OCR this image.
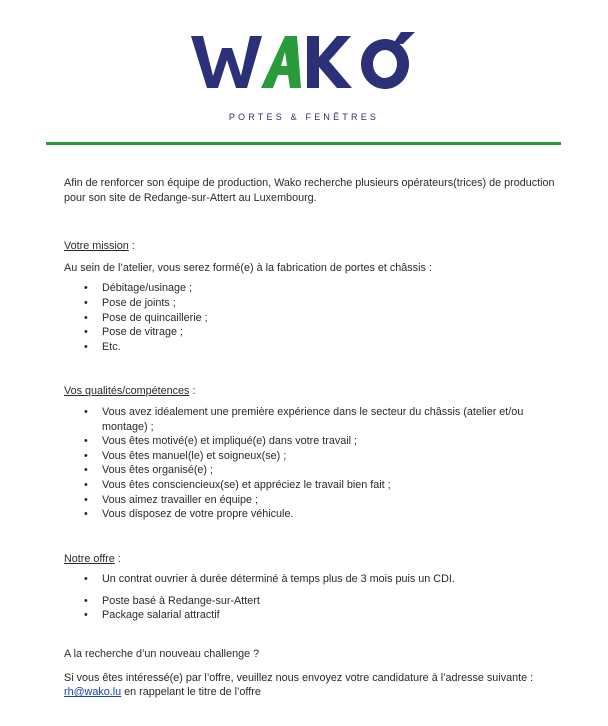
PORTES & FENÊTRES

Afin de renforcer son équipe de production, Wako recherche plusieurs opérateurs(trices) de production pour son site de Redange-sur-Attert au Luxembourg.

Votre mission :

Au sein de l’atelier, vous serez formé(e) à la fabrication de portes et châssis :

• Débitage/usinage ;
• Pose de joints ;
• Pose de quincaillerie ;
• Pose de vitrage ;
• Etc.

Vos qualités/compétences :

• Vous avez idéalement une première expérience dans le secteur du châssis (atelier et/ou montage) ;
• Vous êtes motivé(e) et impliqué(e) dans votre travail ;
• Vous êtes manuel(le) et soigneux(se) ;
• Vous êtes organisé(e) ;
• Vous êtes consciencieux(se) et appréciez le travail bien fait ;
• Vous aimez travailler en équipe ;
• Vous disposez de votre propre véhicule.

Notre offre :

• Un contrat ouvrier à durée déterminé à temps plus de 3 mois puis un CDI.
• Poste basé à Redange-sur-Attert
• Package salarial attractif

A la recherche d’un nouveau challenge ?

Si vous êtes intéressé(e) par l’offre, veuillez nous envoyez votre candidature à l’adresse suivante :

rh@wako.lu en rappelant le titre de l’offre
